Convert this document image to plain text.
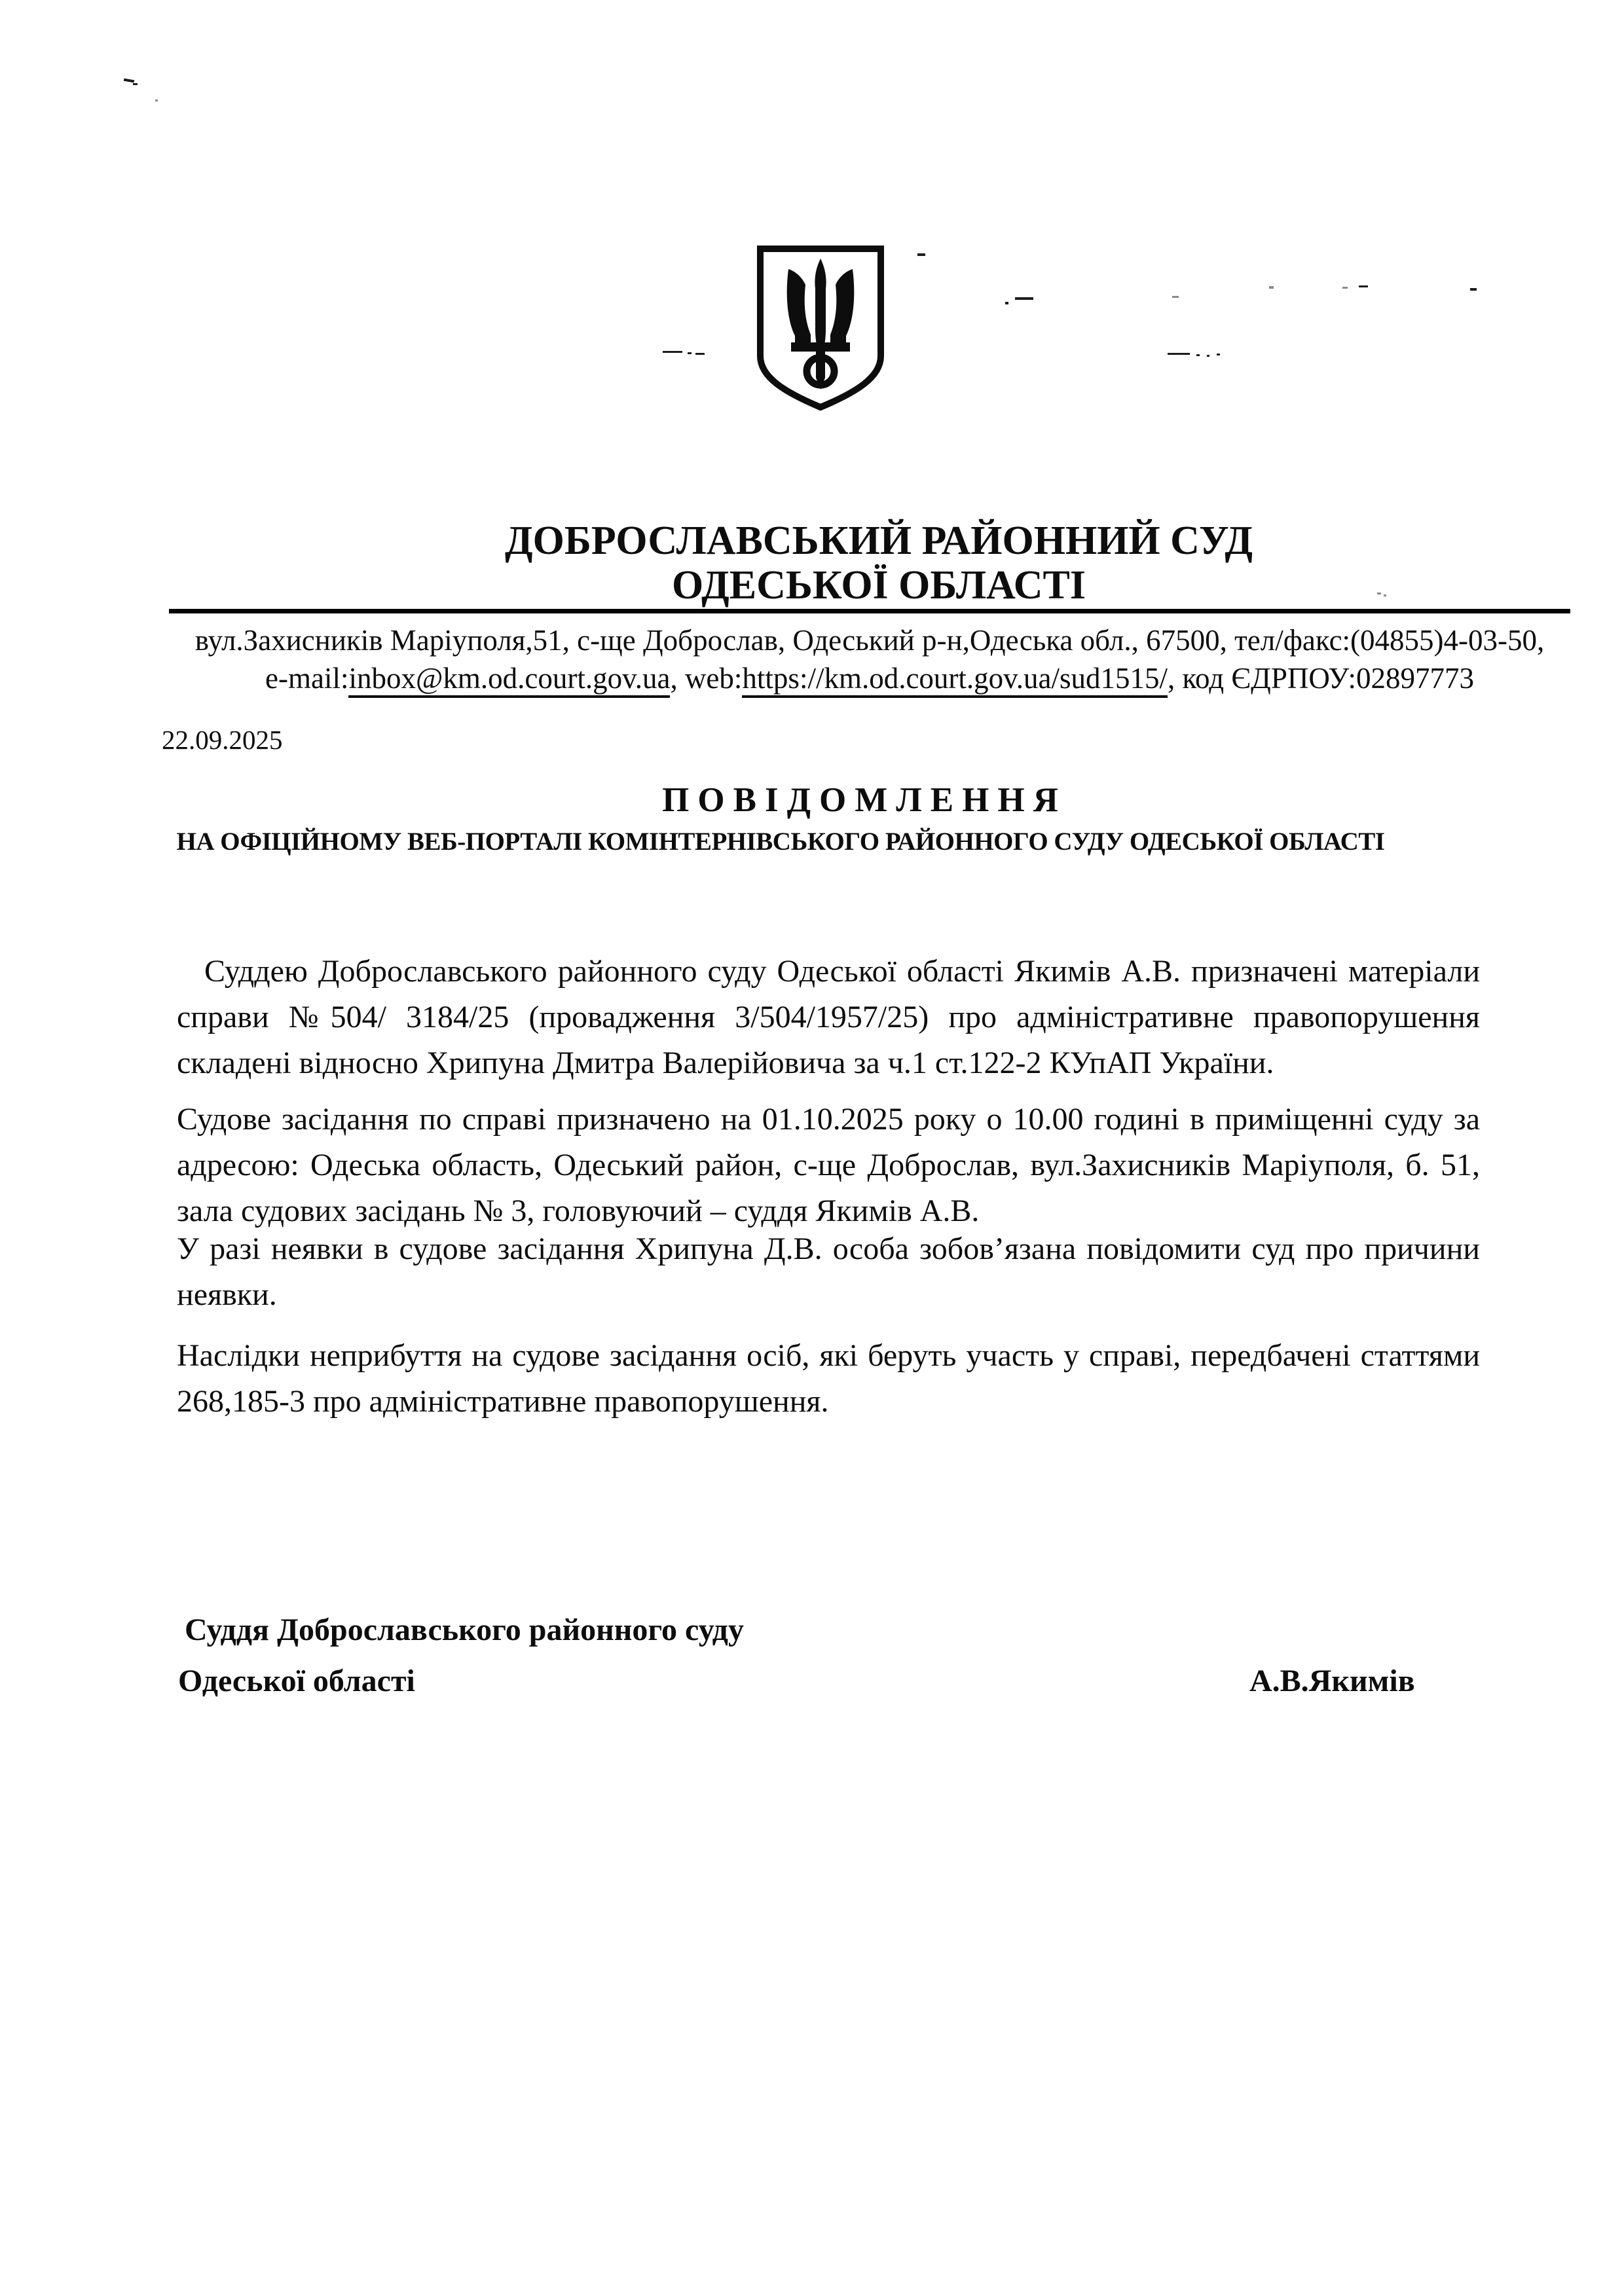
ДОБРОСЛАВСЬКИЙ РАЙОННИЙ СУД
ОДЕСЬКОЇ ОБЛАСТІ
вул.Захисників Маріуполя,51, с-ще Доброслав, Одеський р-н,Одеська обл., 67500, тел/факс:(04855)4-03-50,
e-mail:inbox@km.od.court.gov.ua, web:https://km.od.court.gov.ua/sud1515/, код ЄДРПОУ:02897773
22.09.2025
ПОВІДОМЛЕННЯ
НА ОФІЦІЙНОМУ ВЕБ-ПОРТАЛІ КОМІНТЕРНІВСЬКОГО РАЙОННОГО СУДУ ОДЕСЬКОЇ ОБЛАСТІ
Суддею Доброславського районного суду Одеської області Якимів А.В. призначені матеріали справи №504/ 3184/25 (провадження 3/504/1957/25) про адміністративне правопорушення складені відносно Хрипуна Дмитра Валерійовича за ч.1 ст.122-2 КУпАП України.
Судове засідання по справі призначено на 01.10.2025 року о 10.00 годині в приміщенні суду за адресою: Одеська область, Одеський район, с-ще Доброслав, вул.Захисників Маріуполя, б. 51, зала судових засідань № 3, головуючий – суддя Якимів А.В.
У разі неявки в судове засідання Хрипуна Д.В. особа зобов’язана повідомити суд про причини неявки.
Наслідки неприбуття на судове засідання осіб, які беруть участь у справі, передбачені статтями 268,185-3 про адміністративне правопорушення.
Суддя Доброславського районного суду
Одеської області	А.В.Якимів
